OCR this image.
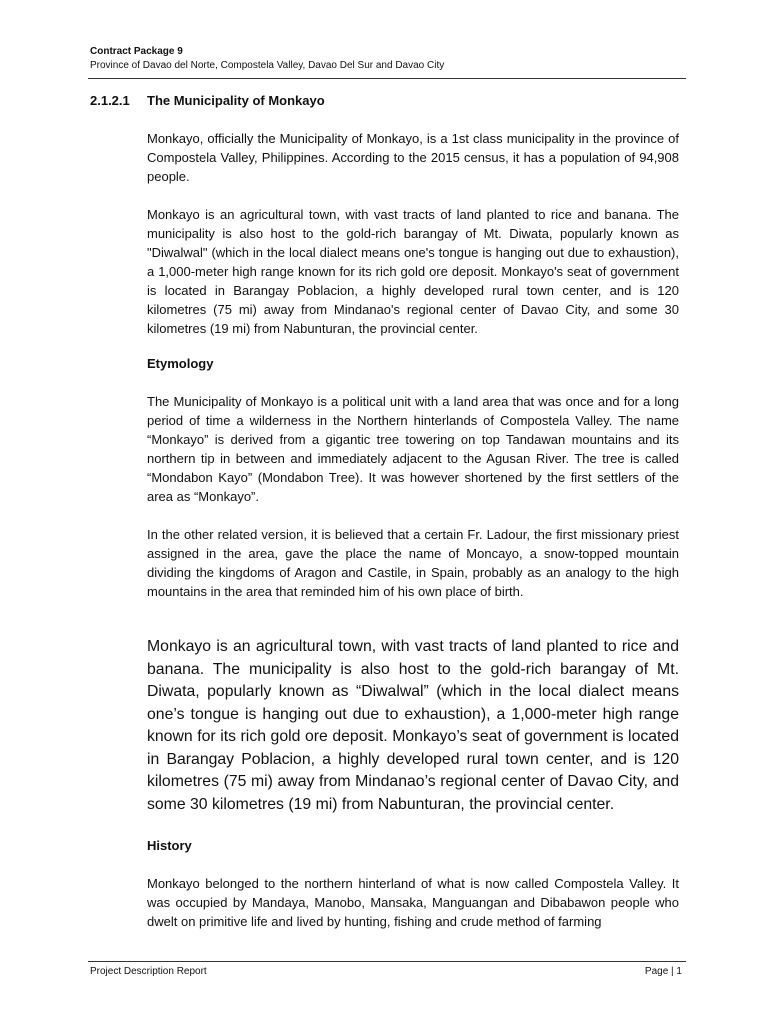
Contract Package 9
Province of Davao del Norte, Compostela Valley, Davao Del Sur and Davao City
2.1.2.1 The Municipality of Monkayo
Monkayo, officially the Municipality of Monkayo, is a 1st class municipality in the province of Compostela Valley, Philippines. According to the 2015 census, it has a population of 94,908 people.
Monkayo is an agricultural town, with vast tracts of land planted to rice and banana. The municipality is also host to the gold-rich barangay of Mt. Diwata, popularly known as "Diwalwal" (which in the local dialect means one's tongue is hanging out due to exhaustion), a 1,000-meter high range known for its rich gold ore deposit. Monkayo's seat of government is located in Barangay Poblacion, a highly developed rural town center, and is 120 kilometres (75 mi) away from Mindanao's regional center of Davao City, and some 30 kilometres (19 mi) from Nabunturan, the provincial center.
Etymology
The Municipality of Monkayo is a political unit with a land area that was once and for a long period of time a wilderness in the Northern hinterlands of Compostela Valley. The name “Monkayo” is derived from a gigantic tree towering on top Tandawan mountains and its northern tip in between and immediately adjacent to the Agusan River. The tree is called “Mondabon Kayo” (Mondabon Tree). It was however shortened by the first settlers of the area as “Monkayo”.
In the other related version, it is believed that a certain Fr. Ladour, the first missionary priest assigned in the area, gave the place the name of Moncayo, a snow-topped mountain dividing the kingdoms of Aragon and Castile, in Spain, probably as an analogy to the high mountains in the area that reminded him of his own place of birth.
Monkayo is an agricultural town, with vast tracts of land planted to rice and banana. The municipality is also host to the gold-rich barangay of Mt. Diwata, popularly known as “Diwalwal” (which in the local dialect means one’s tongue is hanging out due to exhaustion), a 1,000-meter high range known for its rich gold ore deposit. Monkayo’s seat of government is located in Barangay Poblacion, a highly developed rural town center, and is 120 kilometres (75 mi) away from Mindanao’s regional center of Davao City, and some 30 kilometres (19 mi) from Nabunturan, the provincial center.
History
Monkayo belonged to the northern hinterland of what is now called Compostela Valley. It was occupied by Mandaya, Manobo, Mansaka, Manguangan and Dibabawon people who dwelt on primitive life and lived by hunting, fishing and crude method of farming
Project Description Report	Page | 1
